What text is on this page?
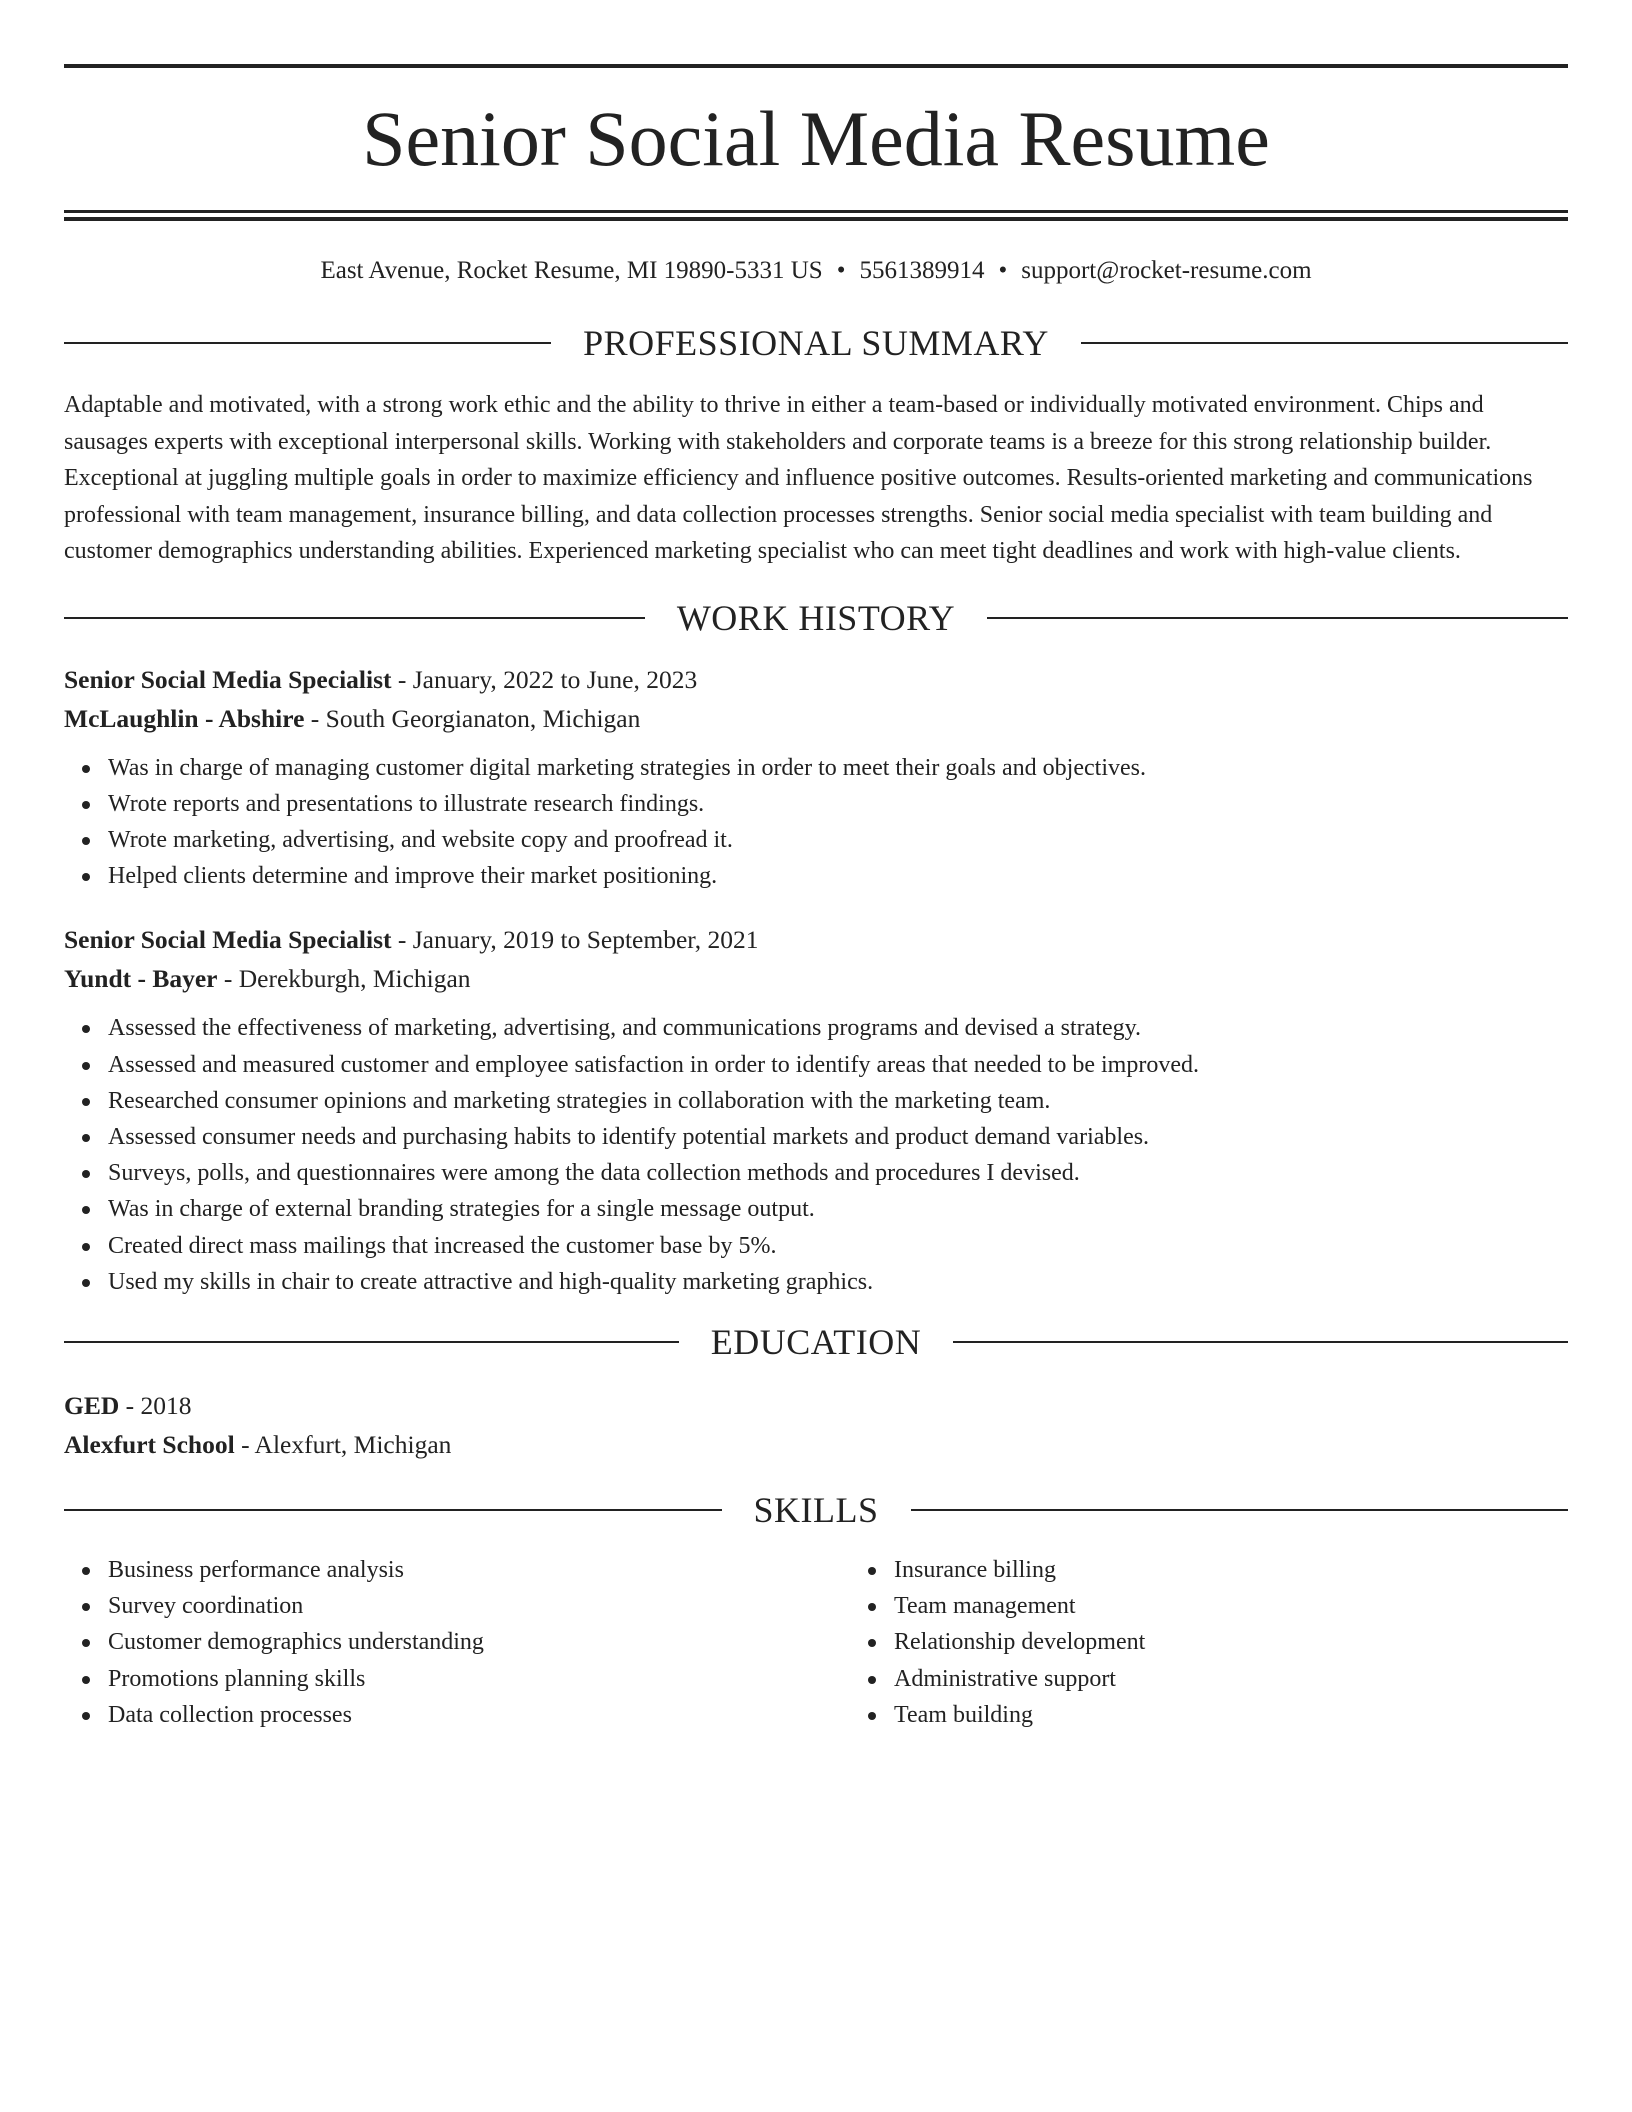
Senior Social Media Resume
East Avenue, Rocket Resume, MI 19890-5331 US • 5561389914 • support@rocket-resume.com
PROFESSIONAL SUMMARY
Adaptable and motivated, with a strong work ethic and the ability to thrive in either a team-based or individually motivated environment. Chips and sausages experts with exceptional interpersonal skills. Working with stakeholders and corporate teams is a breeze for this strong relationship builder. Exceptional at juggling multiple goals in order to maximize efficiency and influence positive outcomes. Results-oriented marketing and communications professional with team management, insurance billing, and data collection processes strengths. Senior social media specialist with team building and customer demographics understanding abilities. Experienced marketing specialist who can meet tight deadlines and work with high-value clients.
WORK HISTORY
Senior Social Media Specialist - January, 2022 to June, 2023
McLaughlin - Abshire - South Georgianaton, Michigan
Was in charge of managing customer digital marketing strategies in order to meet their goals and objectives.
Wrote reports and presentations to illustrate research findings.
Wrote marketing, advertising, and website copy and proofread it.
Helped clients determine and improve their market positioning.
Senior Social Media Specialist - January, 2019 to September, 2021
Yundt - Bayer - Derekburgh, Michigan
Assessed the effectiveness of marketing, advertising, and communications programs and devised a strategy.
Assessed and measured customer and employee satisfaction in order to identify areas that needed to be improved.
Researched consumer opinions and marketing strategies in collaboration with the marketing team.
Assessed consumer needs and purchasing habits to identify potential markets and product demand variables.
Surveys, polls, and questionnaires were among the data collection methods and procedures I devised.
Was in charge of external branding strategies for a single message output.
Created direct mass mailings that increased the customer base by 5%.
Used my skills in chair to create attractive and high-quality marketing graphics.
EDUCATION
GED - 2018
Alexfurt School - Alexfurt, Michigan
SKILLS
Business performance analysis
Survey coordination
Customer demographics understanding
Promotions planning skills
Data collection processes
Insurance billing
Team management
Relationship development
Administrative support
Team building
